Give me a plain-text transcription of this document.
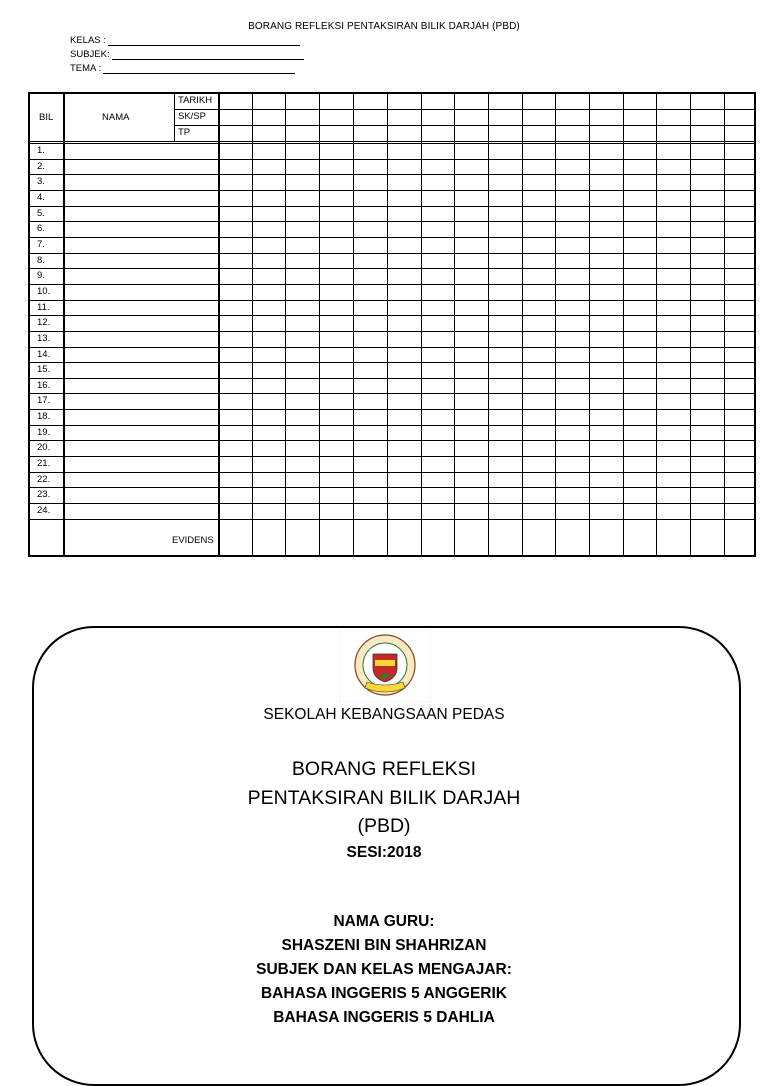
BORANG REFLEKSI PENTAKSIRAN BILIK DARJAH (PBD)
KELAS :
SUBJEK:
TEMA :
BIL	NAMA
TARIKH
SK/SP
TP
EVIDENS
1.
2.
3.
4.
5.
6.
7.
8.
9.
10.
11.
12.
13.
14.
15.
16.
17.
18.
19.
20.
21.
22.
23.
24.
SEKOLAH KEBANGSAAN PEDAS
BORANG REFLEKSI
PENTAKSIRAN BILIK DARJAH
(PBD)
SESI:2018
NAMA GURU:
SHASZENI BIN SHAHRIZAN
SUBJEK DAN KELAS MENGAJAR:
BAHASA INGGERIS 5 ANGGERIK
BAHASA INGGERIS 5 DAHLIA
